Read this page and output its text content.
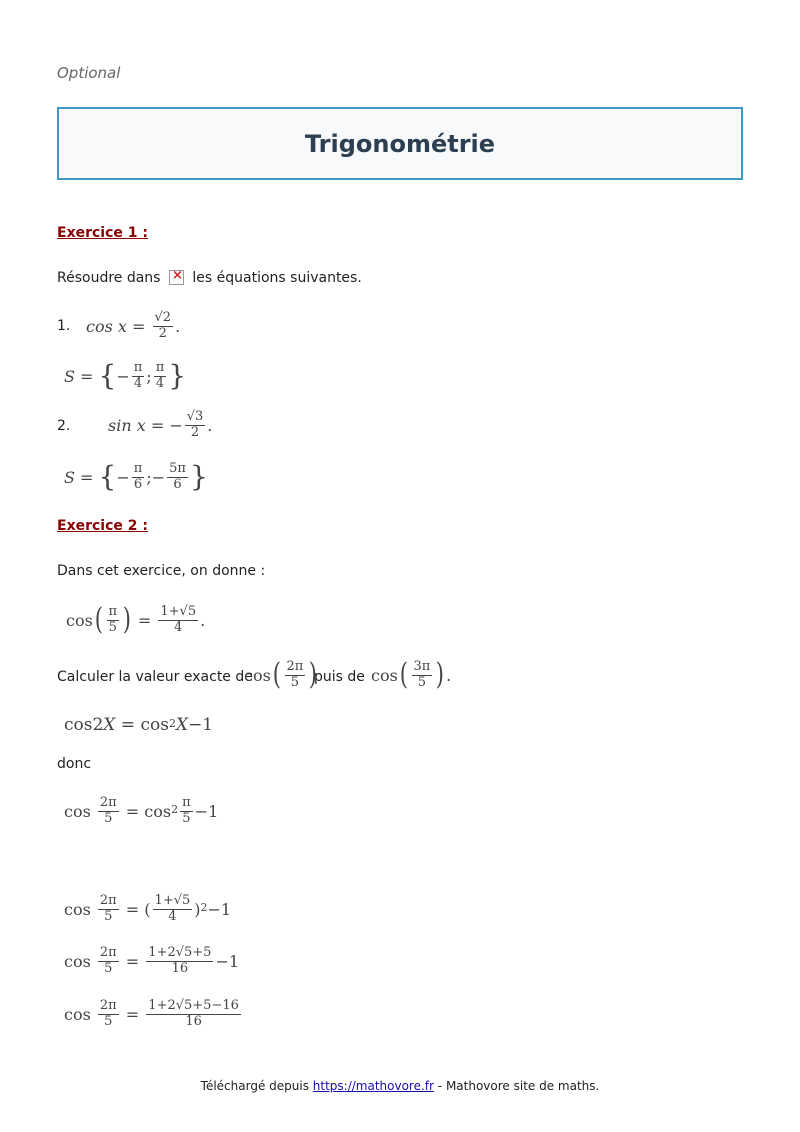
Optional
Trigonométrie
Exercice 1 :
Résoudre dans × les équations suivantes.
1. $\cos x = \frac{√2}{2}$ .
S = { − $\frac{\pi}{4}$ ; $\frac{\pi}{4}$ }
2. sin x = − $\frac{√3}{2}$ .
S = { − $\frac{\pi}{6}$ ;− $\frac{5\pi}{6}$ }
Exercice 2 :
Dans cet exercice, on donne :
cos ( $\frac{\pi}{5}$ ) = $\frac{1+√5}{4}$ .
Calculer la valeur exacte de
cos ( $\frac{2\pi}{5}$ )
puis de cos ( $\frac{3\pi}{5}$ ) .
cos2 X = cos 2 X −1
donc
$\cos \frac{2\pi}{5} = \cos 2 \frac{\pi}{5} -1$
$\cos \frac{2\pi}{5}$ = ( $\frac{1+√5}{4}$ ) 2 −1
$\cos \frac{2\pi}{5} = \frac{1+2√5+5}{16} -1$
$\cos \frac{2\pi}{5} = \frac{1+2√5+5-16}{16}$
Téléchargé depuis https://mathovore.fr - Mathovore site de maths.
